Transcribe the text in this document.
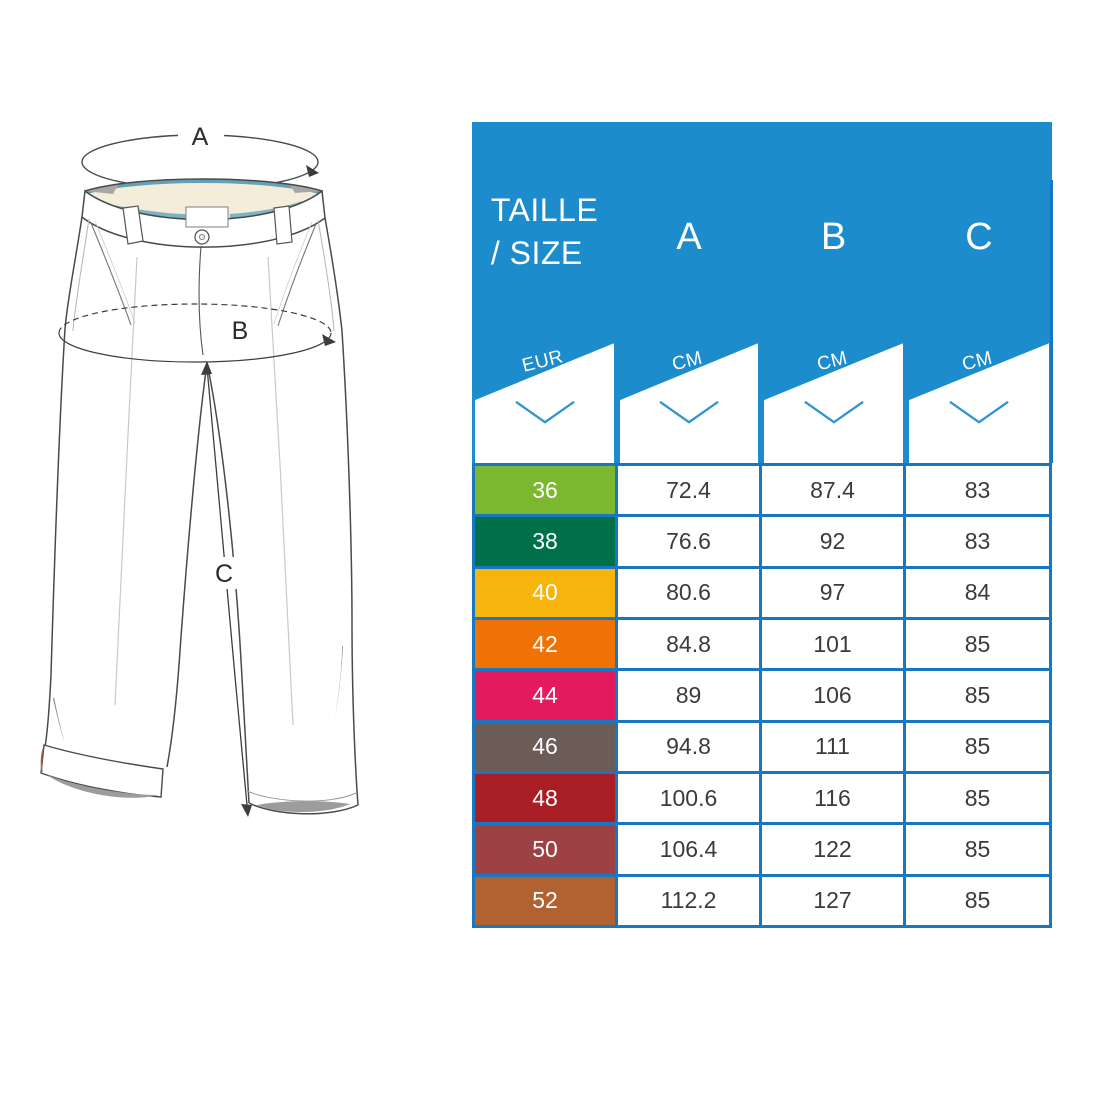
A
B
C
TAILLE
/ SIZE	A	B	C
EUR	CM	CM	CM
36	72.4	87.4	83
38	76.6	92	83
40	80.6	97	84
42	84.8	101	85
44	89	106	85
46	94.8	111	85
48	100.6	116	85
50	106.4	122	85
52	112.2	127	85
